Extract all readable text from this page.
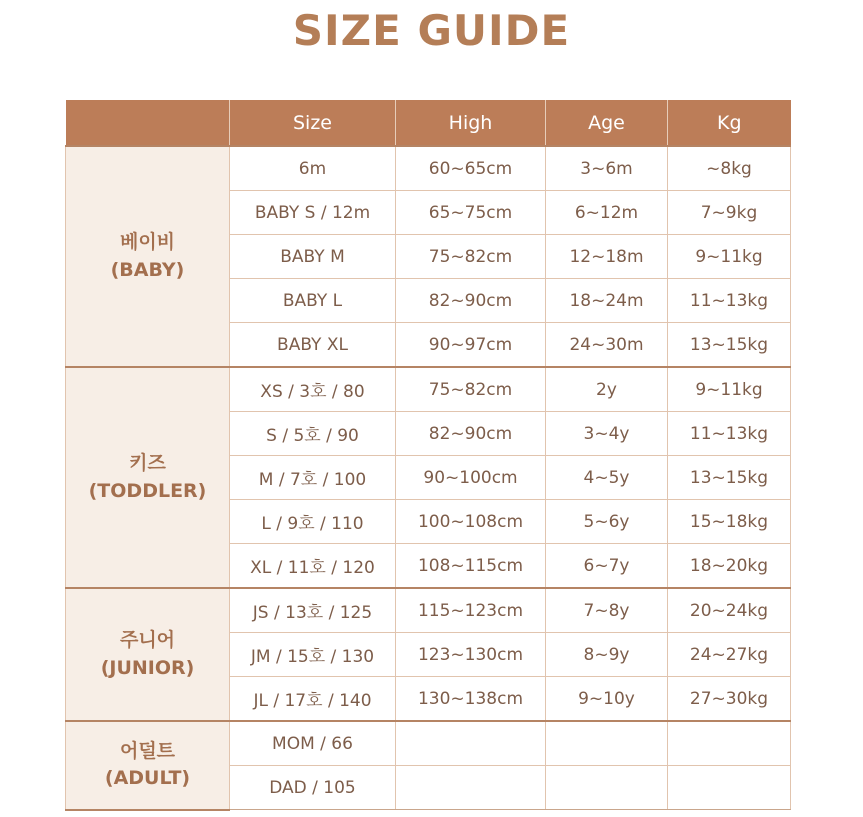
SIZE GUIDE
	Size	High	Age	Kg

베이비
(BABY)	6m	60~65cm	3~6m	~8kg
	BABY S / 12m	65~75cm	6~12m	7~9kg
	BABY M	75~82cm	12~18m	9~11kg
	BABY L	82~90cm	18~24m	11~13kg
	BABY XL	90~97cm	24~30m	13~15kg

키즈
(TODDLER)	XS / 3호 / 80	75~82cm	2y	9~11kg
	S / 5호 / 90	82~90cm	3~4y	11~13kg
	M / 7호 / 100	90~100cm	4~5y	13~15kg
	L / 9호 / 110	100~108cm	5~6y	15~18kg
	XL / 11호 / 120	108~115cm	6~7y	18~20kg

주니어
(JUNIOR)	JS / 13호 / 125	115~123cm	7~8y	20~24kg
	JM / 15호 / 130	123~130cm	8~9y	24~27kg
	JL / 17호 / 140	130~138cm	9~10y	27~30kg

어덜트
(ADULT)	MOM / 66			
	DAD / 105			
